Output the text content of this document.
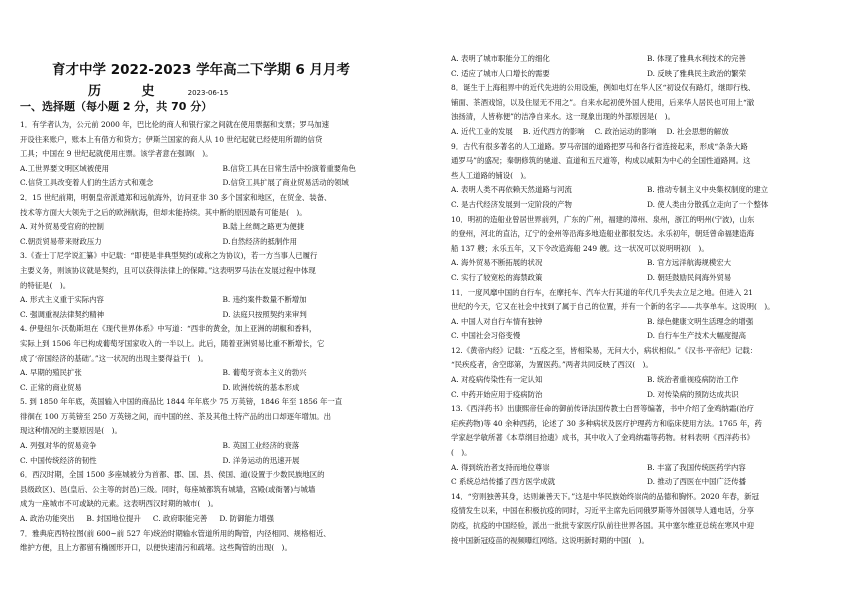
育才中学 2022-2023 学年高二下学期 6 月月考
历 史 2023-06-15
一、选择题（每小题 2 分，共 70 分）
1．有学者认为，公元前 2000 年，巴比伦的商人和银行家之间就在使用票据和支票；罗马加速
开设往来账户，账本上有借方和贷方；伊斯兰国家的商人从 10 世纪起就已经使用所谓的信贷
工具；中国在 9 世纪起就使用庄票。该学者意在强调(　)。
A.工世界要文明区域被使用	B.信贷工具在日常生活中扮演着重要角色
C.信贷工具改变着人们的生活方式和观念	D.信贷工具扩展了商业贸易活动的领域
2．15 世纪前期，明朝皇帝派遣郑和远航海外，访问亚非 30 多个国家和地区，在贸金、装备、
技术等方面大大领先于之后的欧洲航海，但却未能持续。其中断的原因最有可能是(　)。
A. 对外贸易受官府的控制	B.陆上丝绸之路更为便捷
C.朝贡贸易带来财政压力	D.自然经济的抵制作用
3.《查士丁尼学说汇纂》中记载：“即使是非典型契约(或称之为协议)，若一方当事人已履行
主要义务，则该协议就是契约，且可以获得法律上的保障。”这表明罗马法在发展过程中体现
的特征是(　)。
A. 形式主义重于实际内容	B. 违约案件数量不断增加
C. 强调重视法律契约精神	D. 法庭只按照契约来审判
4. 伊曼纽尔·沃勒斯坦在《现代世界体系》中写道：“西非的黄金，加上亚洲的胡椒和香料，
实际上到 1506 年已构成葡萄牙国家收入的一半以上。此后，随着亚洲贸易比重不断增长，它
成了‘帝国经济的基础’。”这一状况的出现主要得益于(　)。
A. 早期的殖民扩张	B. 葡萄牙资本主义的勃兴
C. 正常的商业贸易	D. 欧洲传统的基本形成
5. 到 1850 年年底，英国输入中国的商品比 1844 年年底少 75 万英镑，1846 年至 1856 年一直
徘徊在 100 万英镑至 250 万英镑之间，而中国的丝、茶及其他土特产品的出口却逐年增加。出
现这种情况的主要原因是(　)。
A. 列强对华的贸易竞争	B. 英国工业经济的衰落
C. 中国传统经济的韧性	D. 洋务运动的迅速开展
6．西汉时期，全国 1500 多座城被分为首都、郡、国、县、侯国、道(设置于少数民族地区的
县级政区)、邑(皇后、公主等的封邑)三级。同时，每座城都筑有城墙，宫殿(或衙署)与城墙
成为一座城市不可或缺的元素。这表明西汉时期的城市(　)。
A. 政治功能突出 B. 封国地位提升 C. 政府职能完善 D. 防御能力增强
7．雅典庇西特拉图(前 600~前 527 年)统治时期输水管道所用的陶管，内径相同、规格相近、
维护方便，且上方都留有椭圆形开口，以便快速清污和疏堵。这些陶管的出现(　)。
A. 表明了城市职能分工的细化	B. 体现了雅典水利技术的完善
C. 适应了城市人口增长的需要	D. 反映了雅典民主政治的繁荣
8．诞生于上海租界中的近代先进的公用设施，例如电灯在华人区“初设仅有路灯，继即行栈、
铺面、茶酒戏馆，以及住屋无不用之”。自来水起初使外国人使用，后来华人居民也可用上“澈
浊扬清，人皆称便”的洁净自来水。这一现象出现的外部原因是(　)。
A. 近代工业的发展 B. 近代西方的影响 C. 政治运动的影响 D. 社会思想的解放
9．古代有很多著名的人工道路。罗马帝国的道路把罗马和各行省连接起来，形成“条条大路
通罗马”的盛况；秦朝修筑的驰道、直道和五尺道等，构成以咸阳为中心的全国性道路网。这
些人工道路的铺设(　)。
A. 表明人类不再依赖天然道路与河流	B. 推动专制主义中央集权制度的建立
C. 是古代经济发展到一定阶段的产物	D. 使人类由分散孤立走向了一个整体
10．明初的造船业曾居世界前列，广东的广州，福建的漳州、泉州，浙江的明州(宁波)，山东
的登州，河北的直沽，辽宁的金州等沿海多地造船业都很发达。永乐初年，朝廷曾命福建造海
船 137 艘；永乐五年，又下令改造海船 249 艘。这一状况可以说明明初(　)。
A. 海外贸易不断拓展的状况	B. 官方远洋航海规模宏大
C. 实行了较宽松的海禁政策	D. 朝廷鼓励民间海外贸易
11．一度风靡中国的自行车，在摩托车、汽车大行其道的年代几乎失去立足之地。但进入 21
世纪的今天，它又在社会中找到了属于自己的位置，并有一个新的名字——共享单车。这说明(　)。
A. 中国人对自行车情有独钟	B. 绿色健康文明生活理念的增强
C. 中国社会习俗变慢	D. 自行车生产技术大幅度提高
12.《黄帝内经》记载：“五疫之至，皆相染易，无问大小，病状相似。”《汉书·平帝纪》记载：
“民疾疫者，舍空邸第，为置医药。”两者共同反映了西汉(　)。
A. 对疫病传染性有一定认知	B. 统治者重视疫病防治工作
C. 中药开始应用于疫病防治	D. 对传染病的预防达成共识
13.《西洋药书》出康熙帝任命的御前传译法国传教士白晋等编著，书中介绍了金鸡纳霜(治疗
疟疾药物)等 40 余种西药，论述了 30 多种病状及医疗护理药方和临床使用方法。1765 年，药
学家赵学敏所著《本草纲目拾遗》成书，其中收入了金鸡纳霜等药物。材料表明《西洋药书》
(　)。
A. 得到统治者支持而地位尊崇	B. 丰富了我国传统医药学内容
C 系统总结传播了西方医学成就	D. 推动了西医在中国广泛传播
14．“穷则独善其身，达则兼善天下。”这是中华民族始终崇尚的品德和胸怀。2020 年春，新冠
疫情发生以来，中国在积极抗疫的同时，习近平主席先后同俄罗斯等外国领导人通电话，分享
防疫，抗疫的中国经验，派出一批批专家医疗队前往世界各国。其中塞尔维亚总统在寒风中迎
接中国新冠疫苗的视频曝红网络。这说明新时期的中国(　)。
